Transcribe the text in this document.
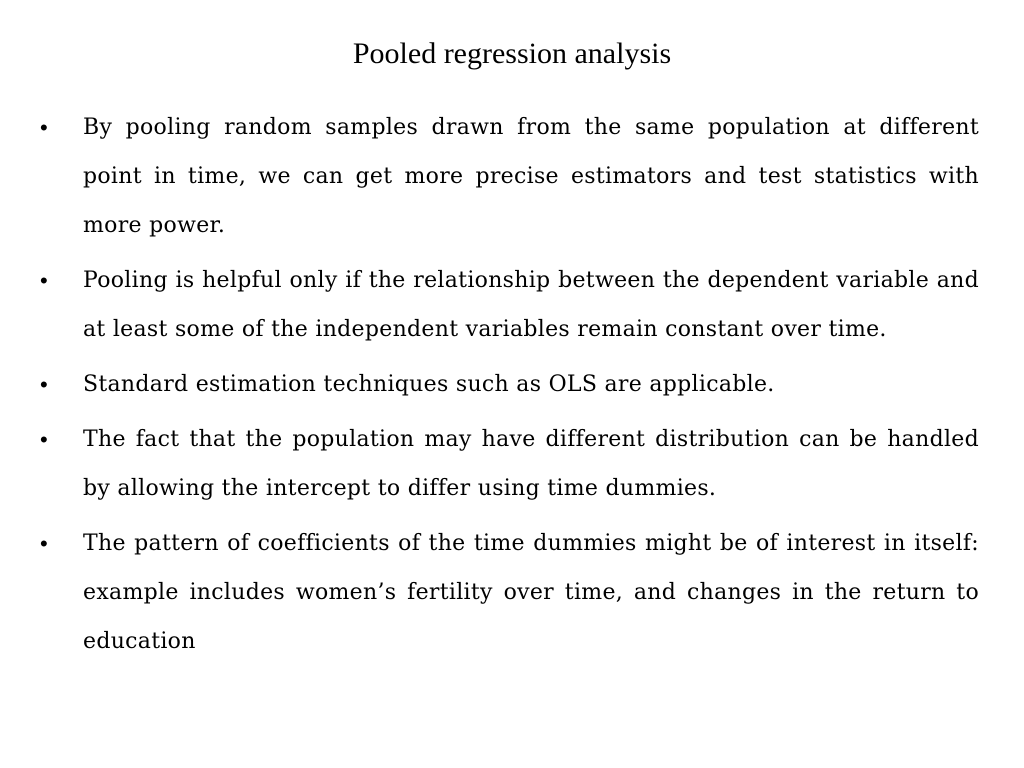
Pooled regression analysis
• By pooling random samples drawn from the same population at different point in time, we can get more precise estimators and test statistics with more power.
• Pooling is helpful only if the relationship between the dependent variable and at least some of the independent variables remain constant over time.
• Standard estimation techniques such as OLS are applicable.
• The fact that the population may have different distribution can be handled by allowing the intercept to differ using time dummies.
• The pattern of coefficients of the time dummies might be of interest in itself: example includes women’s fertility over time, and changes in the return to education
